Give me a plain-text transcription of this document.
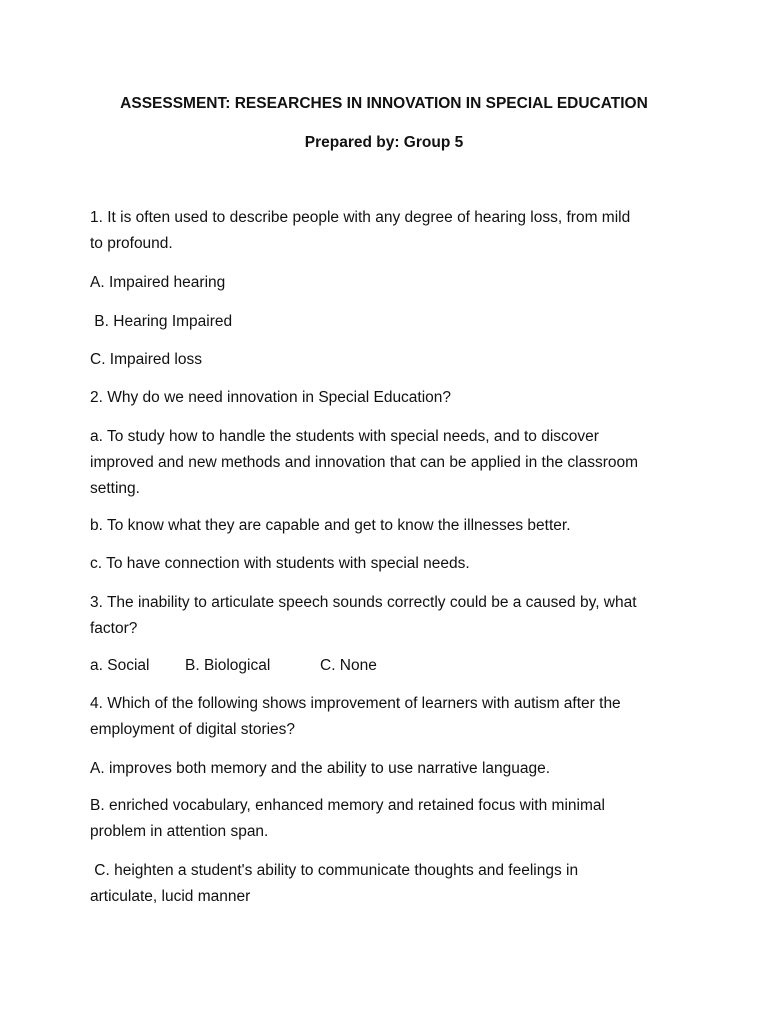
ASSESSMENT: RESEARCHES IN INNOVATION IN SPECIAL EDUCATION
Prepared by: Group 5
1. It is often used to describe people with any degree of hearing loss, from mild
to profound.
A. Impaired hearing
B. Hearing Impaired
C. Impaired loss
2. Why do we need innovation in Special Education?
a. To study how to handle the students with special needs, and to discover
improved and new methods and innovation that can be applied in the classroom
setting.
b. To know what they are capable and get to know the illnesses better.
c. To have connection with students with special needs.
3. The inability to articulate speech sounds correctly could be a caused by, what
factor?
a. Social B. Biological	C. None
4. Which of the following shows improvement of learners with autism after the
employment of digital stories?
A. improves both memory and the ability to use narrative language.
B. enriched vocabulary, enhanced memory and retained focus with minimal
problem in attention span.
C. heighten a student's ability to communicate thoughts and feelings in
articulate, lucid manner
